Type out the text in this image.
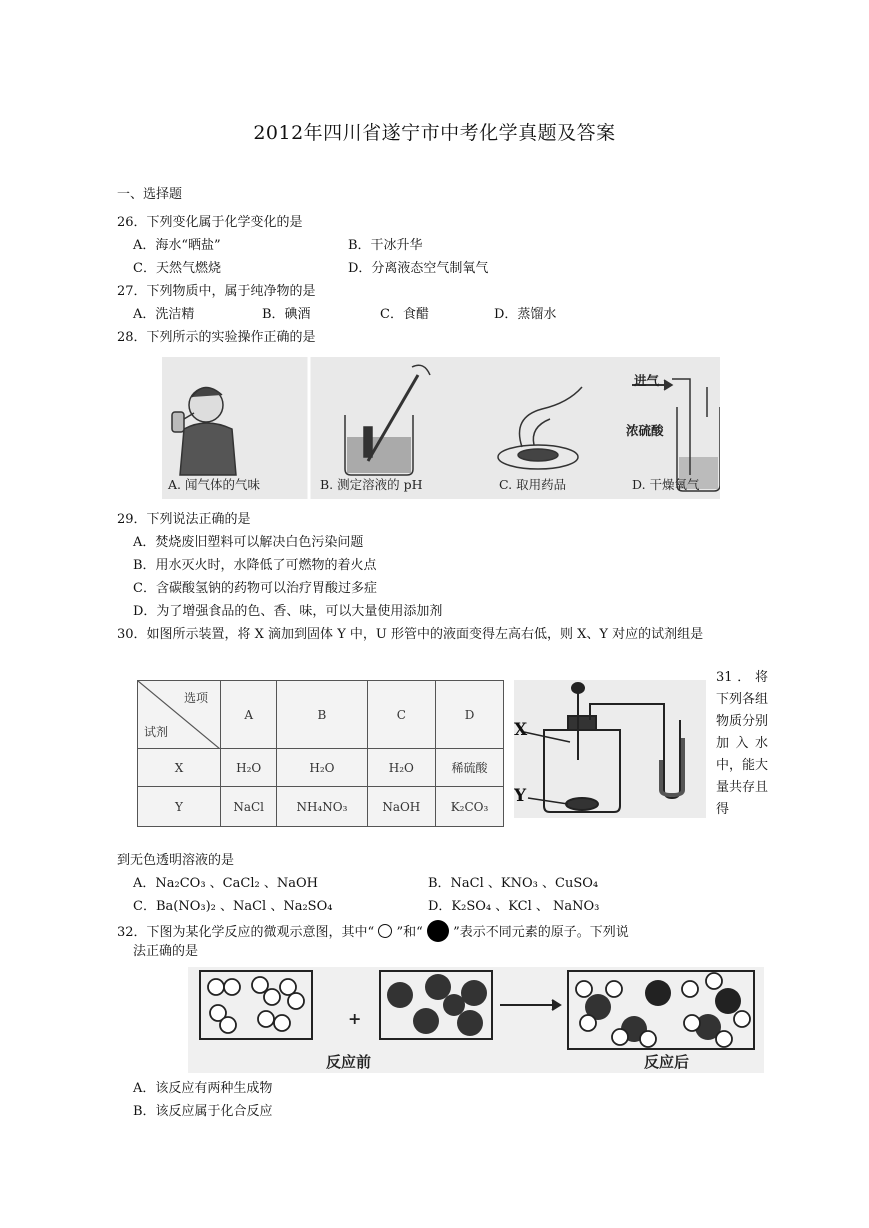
2012年四川省遂宁市中考化学真题及答案
一、选择题
26．下列变化属于化学变化的是
A．海水“晒盐”	B．干冰升华
C．天然气燃烧	D．分离液态空气制氧气
27．下列物质中，属于纯净物的是
A．洗洁精	B．碘酒	C．食醋	D．蒸馏水
28．下列所示的实验操作正确的是
A. 闻气体的气味	B. 测定溶液的 pH	C. 取用药品	D. 干燥氧气
进气
浓硫酸
29．下列说法正确的是
A．焚烧废旧塑料可以解决白色污染问题
B．用水灭火时，水降低了可燃物的着火点
C．含碳酸氢钠的药物可以治疗胃酸过多症
D．为了增强食品的色、香、味，可以大量使用添加剂
30．如图所示装置，将 X 滴加到固体 Y 中，U 形管中的液面变得左高右低，则 X、Y 对应的试剂组是
选项
试剂	A	B	C	D
X	H₂O	H₂O	H₂O	稀硫酸
Y	NaCl	NH₄NO₃	NaOH	K₂CO₃
X
Y
31．将下列各组物质分别加入水中，能大量共存且得
到无色透明溶液的是
A．Na₂CO₃ 、CaCl₂ 、NaOH	B．NaCl 、KNO₃ 、CuSO₄
C．Ba(NO₃)₂ 、NaCl 、Na₂SO₄	D．K₂SO₄ 、KCl 、 NaNO₃
32．下图为某化学反应的微观示意图，其中“ ”和“ ”表示不同元素的原子。下列说
法正确的是
+
反应前	反应后
A．该反应有两种生成物
B．该反应属于化合反应
